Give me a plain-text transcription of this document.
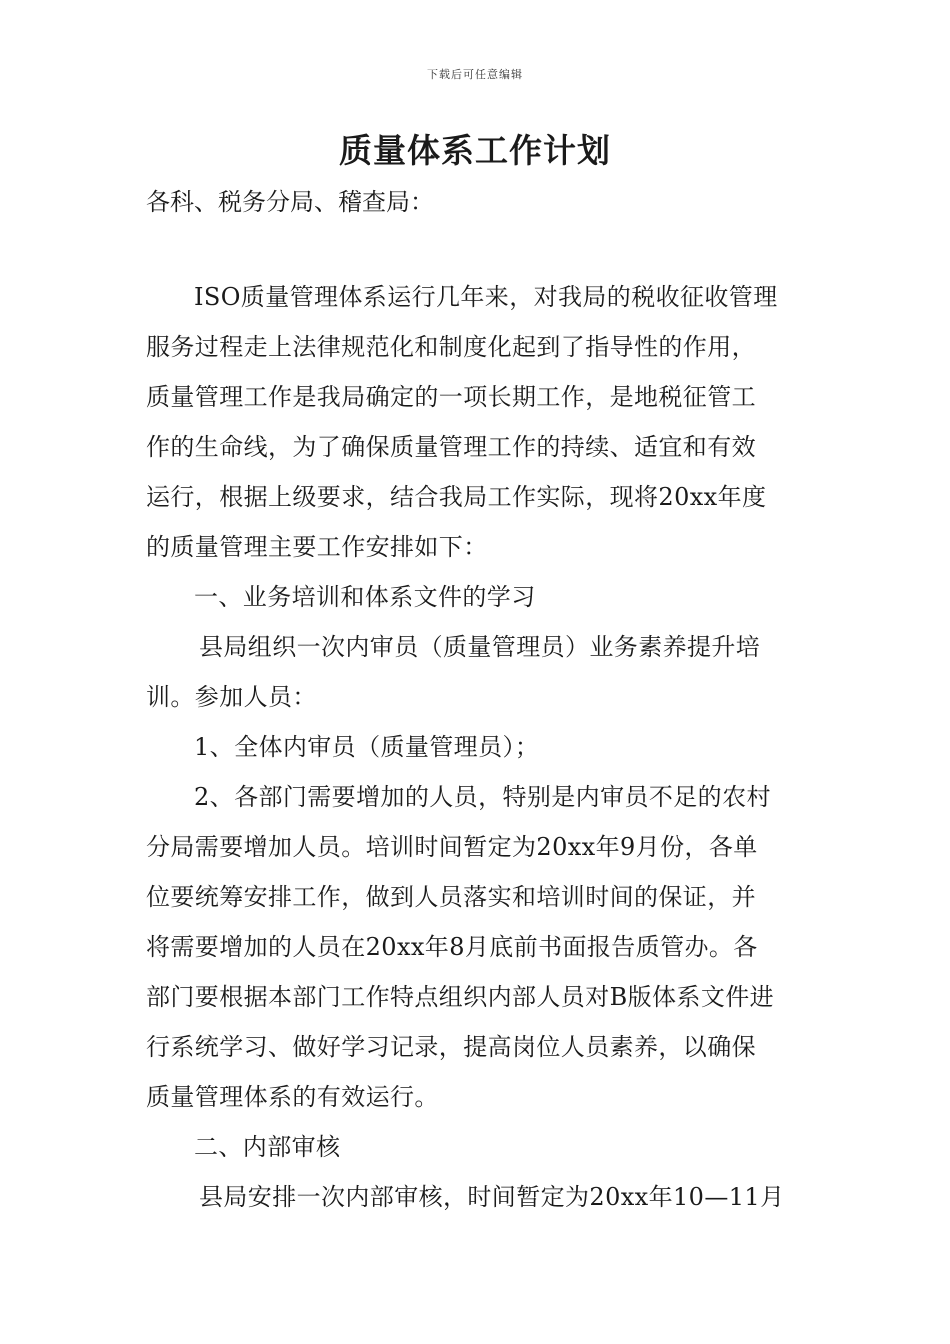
下载后可任意编辑
质量体系工作计划
各科、税务分局、稽查局：
ISO质量管理体系运行几年来，对我局的税收征收管理
服务过程走上法律规范化和制度化起到了指导性的作用，
质量管理工作是我局确定的一项长期工作，是地税征管工
作的生命线，为了确保质量管理工作的持续、适宜和有效
运行，根据上级要求，结合我局工作实际，现将20xx年度
的质量管理主要工作安排如下：
一、业务培训和体系文件的学习
县局组织一次内审员（质量管理员）业务素养提升培
训。参加人员：
1、全体内审员（质量管理员）；
2、各部门需要增加的人员，特别是内审员不足的农村
分局需要增加人员。培训时间暂定为20xx年9月份，各单
位要统筹安排工作，做到人员落实和培训时间的保证，并
将需要增加的人员在20xx年8月底前书面报告质管办。各
部门要根据本部门工作特点组织内部人员对B版体系文件进
行系统学习、做好学习记录，提高岗位人员素养，以确保
质量管理体系的有效运行。
二、内部审核
县局安排一次内部审核，时间暂定为20xx年10—11月
